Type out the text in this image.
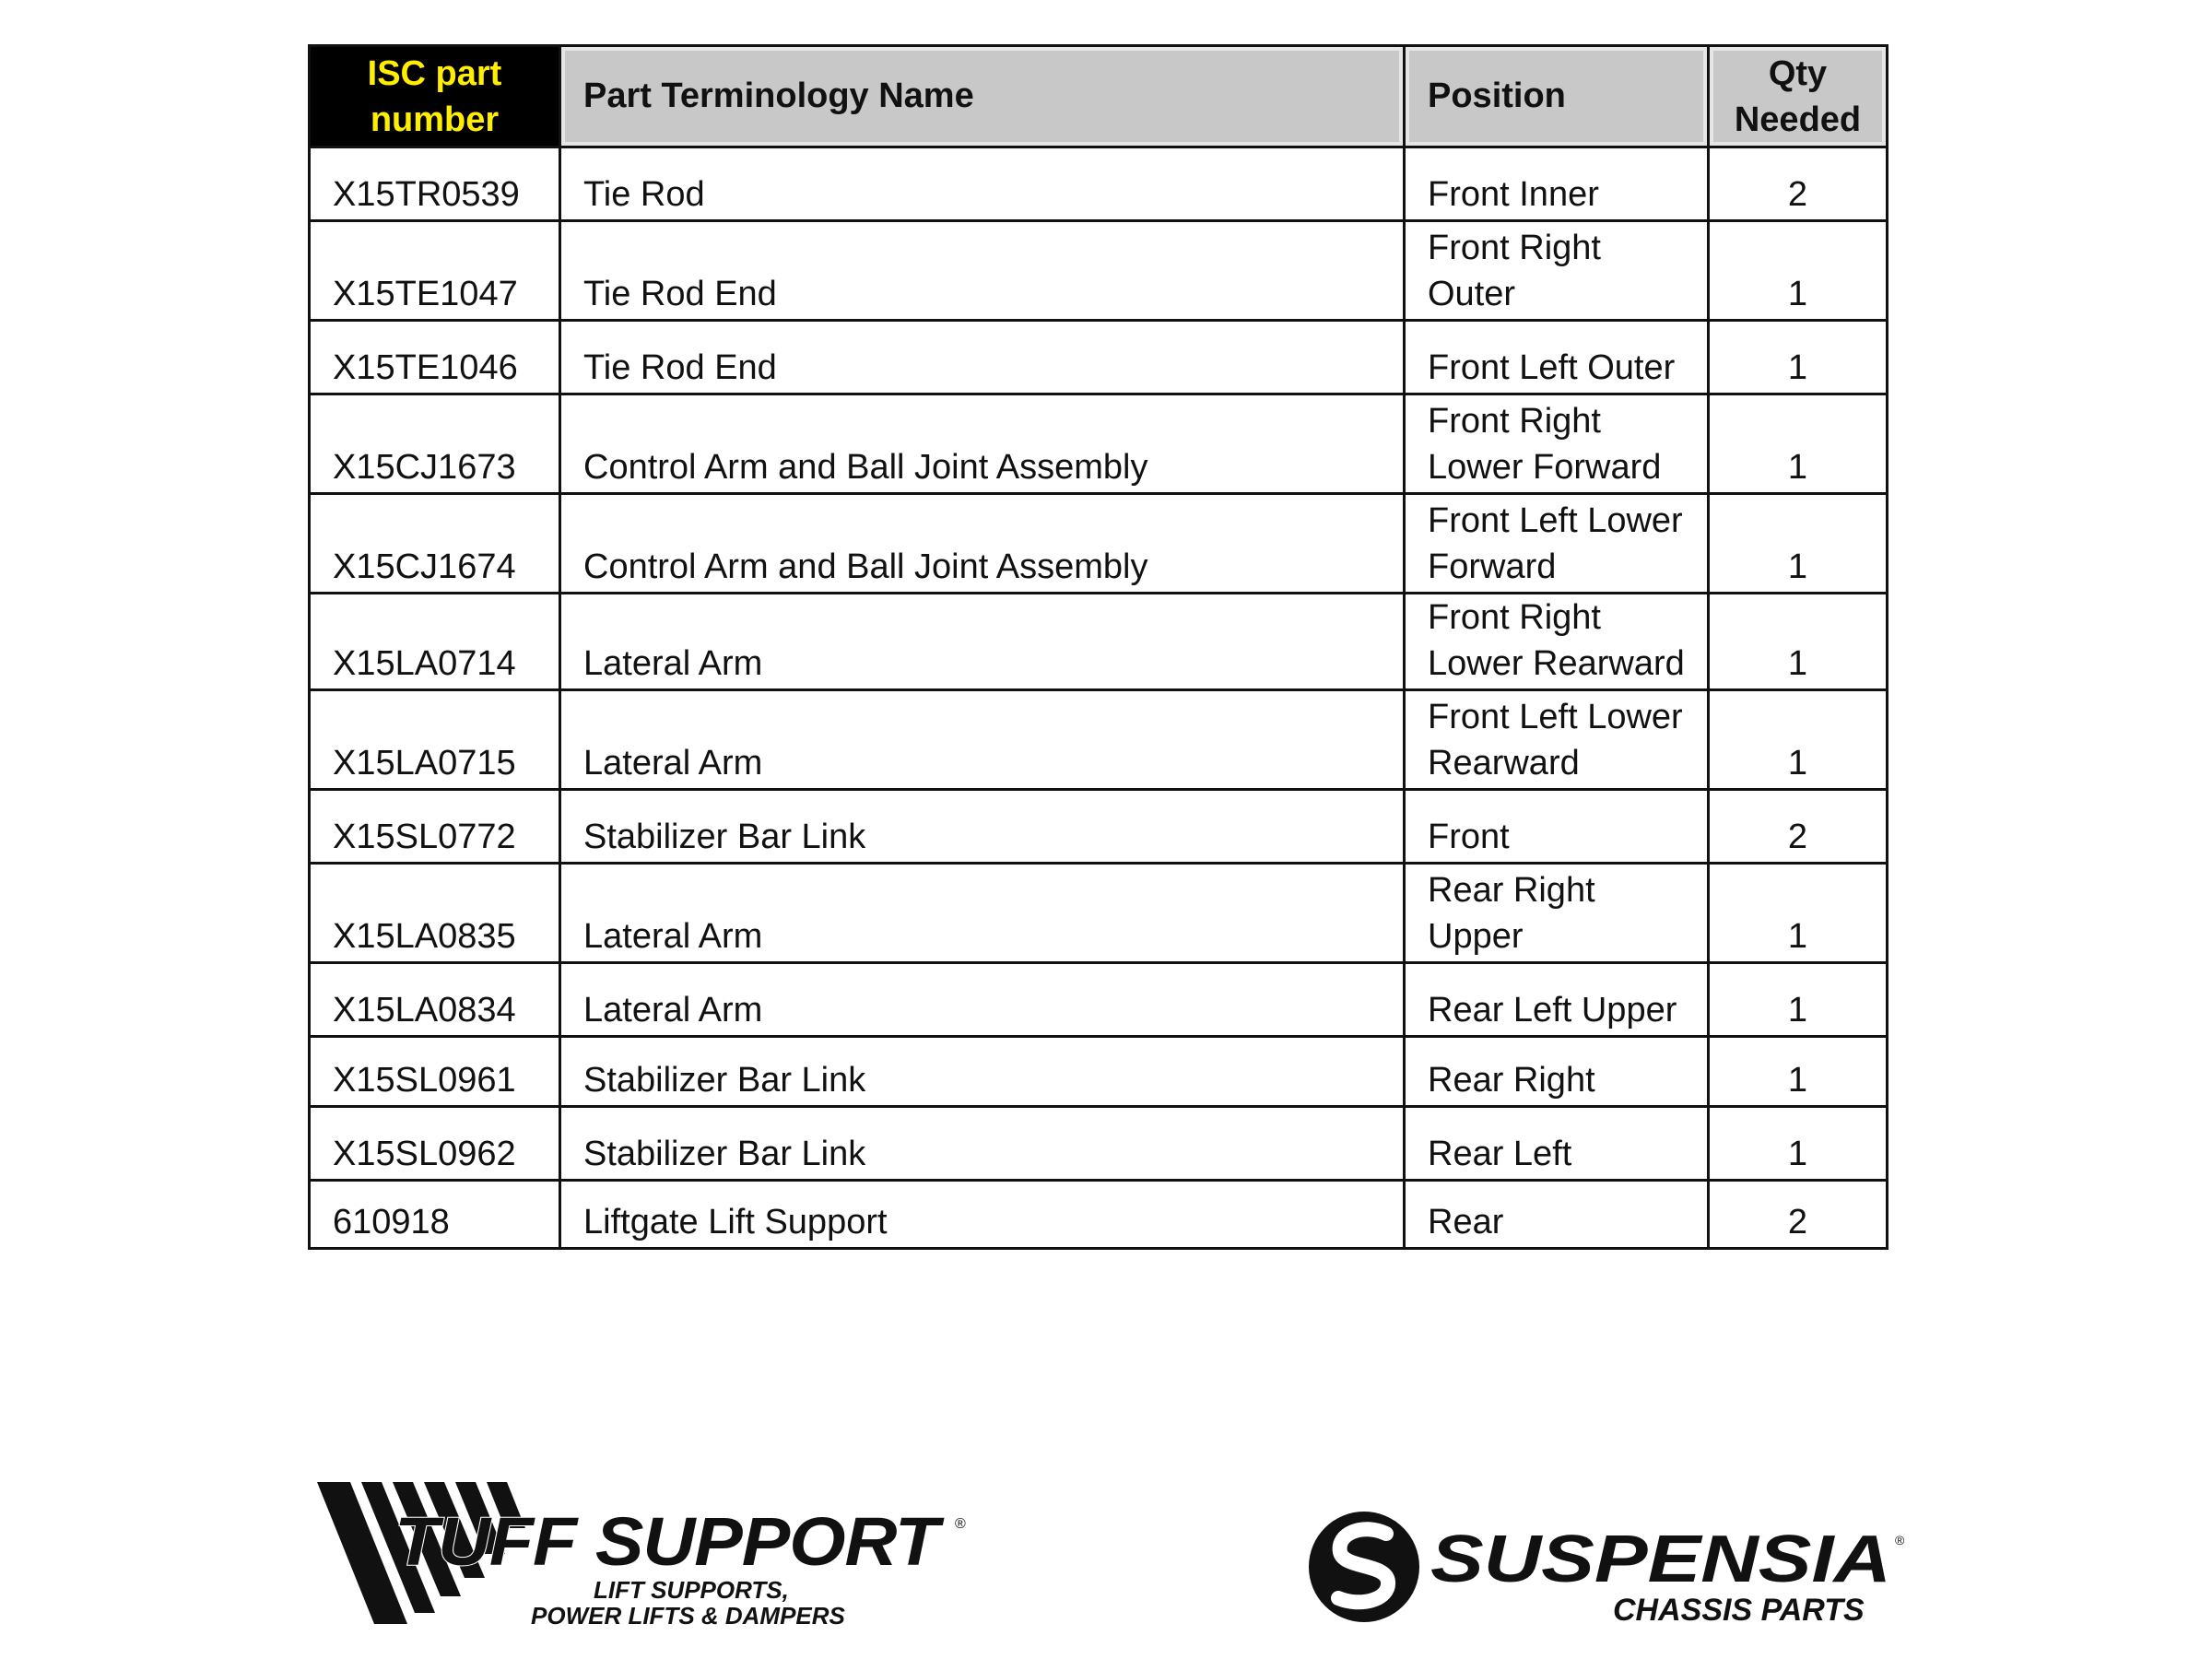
ISC part number	Part Terminology Name	Position	Qty Needed
X15TR0539	Tie Rod	Front Inner	2
X15TE1047	Tie Rod End	Front Right Outer	1
X15TE1046	Tie Rod End	Front Left Outer	1
X15CJ1673	Control Arm and Ball Joint Assembly	Front Right Lower Forward	1
X15CJ1674	Control Arm and Ball Joint Assembly	Front Left Lower Forward	1
X15LA0714	Lateral Arm	Front Right Lower Rearward	1
X15LA0715	Lateral Arm	Front Left Lower Rearward	1
X15SL0772	Stabilizer Bar Link	Front	2
X15LA0835	Lateral Arm	Rear Right Upper	1
X15LA0834	Lateral Arm	Rear Left Upper	1
X15SL0961	Stabilizer Bar Link	Rear Right	1
X15SL0962	Stabilizer Bar Link	Rear Left	1
610918	Liftgate Lift Support	Rear	2
TUFF SUPPORT ®
LIFT SUPPORTS,
POWER LIFTS & DAMPERS
SUSPENSIA ®
CHASSIS PARTS
